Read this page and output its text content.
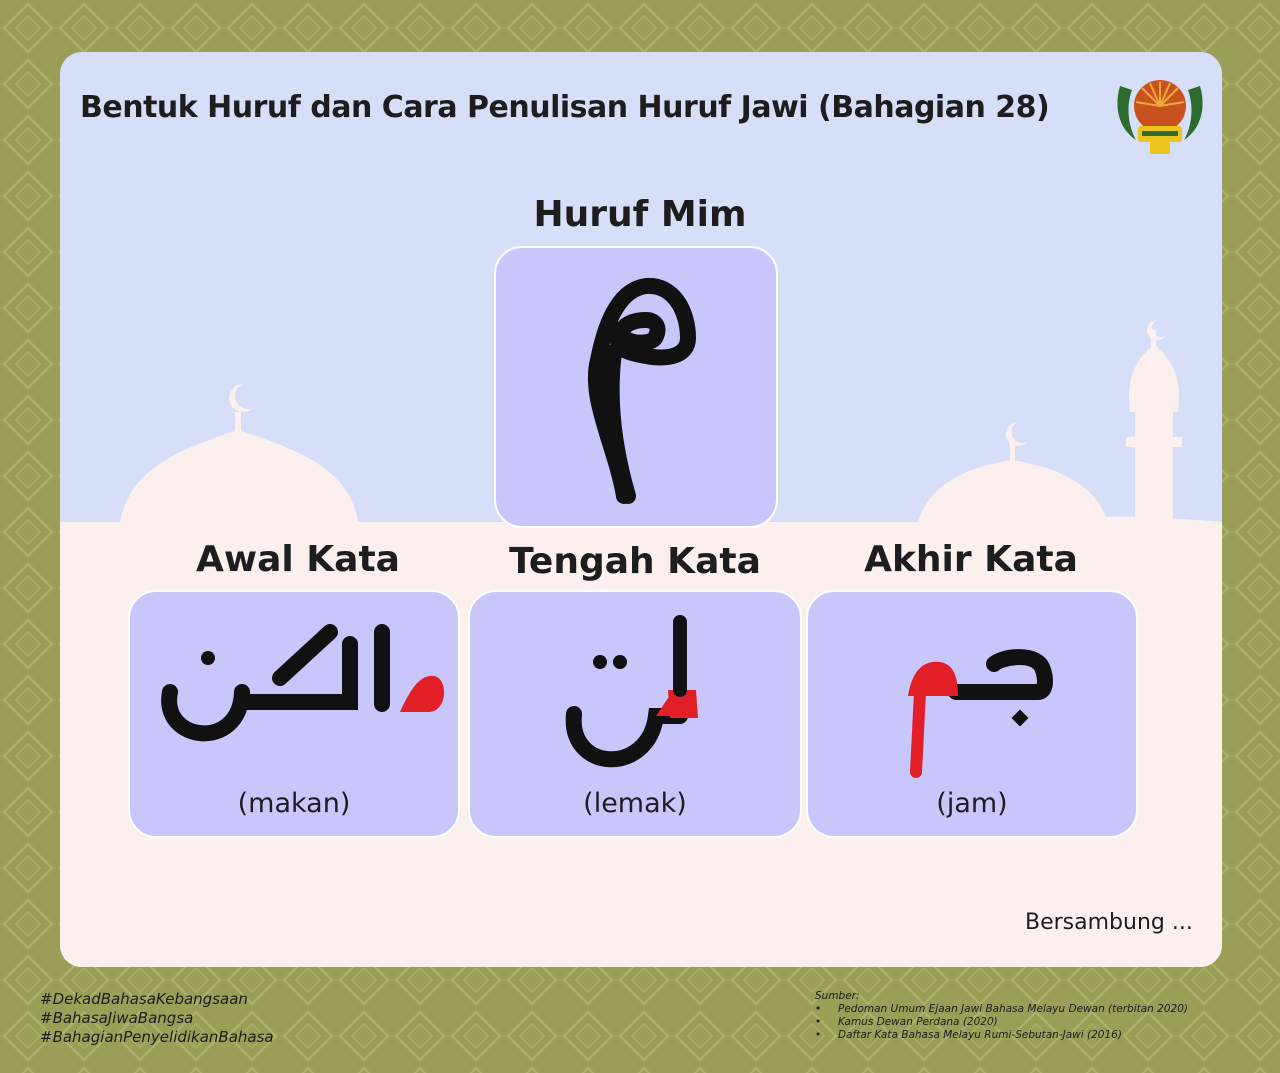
Bentuk Huruf dan Cara Penulisan Huruf Jawi (Bahagian 28)
Huruf Mim
Awal Kata
(makan)
Tengah Kata
(lemak)
Akhir Kata
(jam)
Bersambung ...
#DekadBahasaKebangsaan
#BahasaJiwaBangsa
#BahagianPenyelidikanBahasa
Sumber:
• Pedoman Umum Ejaan Jawi Bahasa Melayu Dewan (terbitan 2020)
• Kamus Dewan Perdana (2020)
• Daftar Kata Bahasa Melayu Rumi-Sebutan-Jawi (2016)
